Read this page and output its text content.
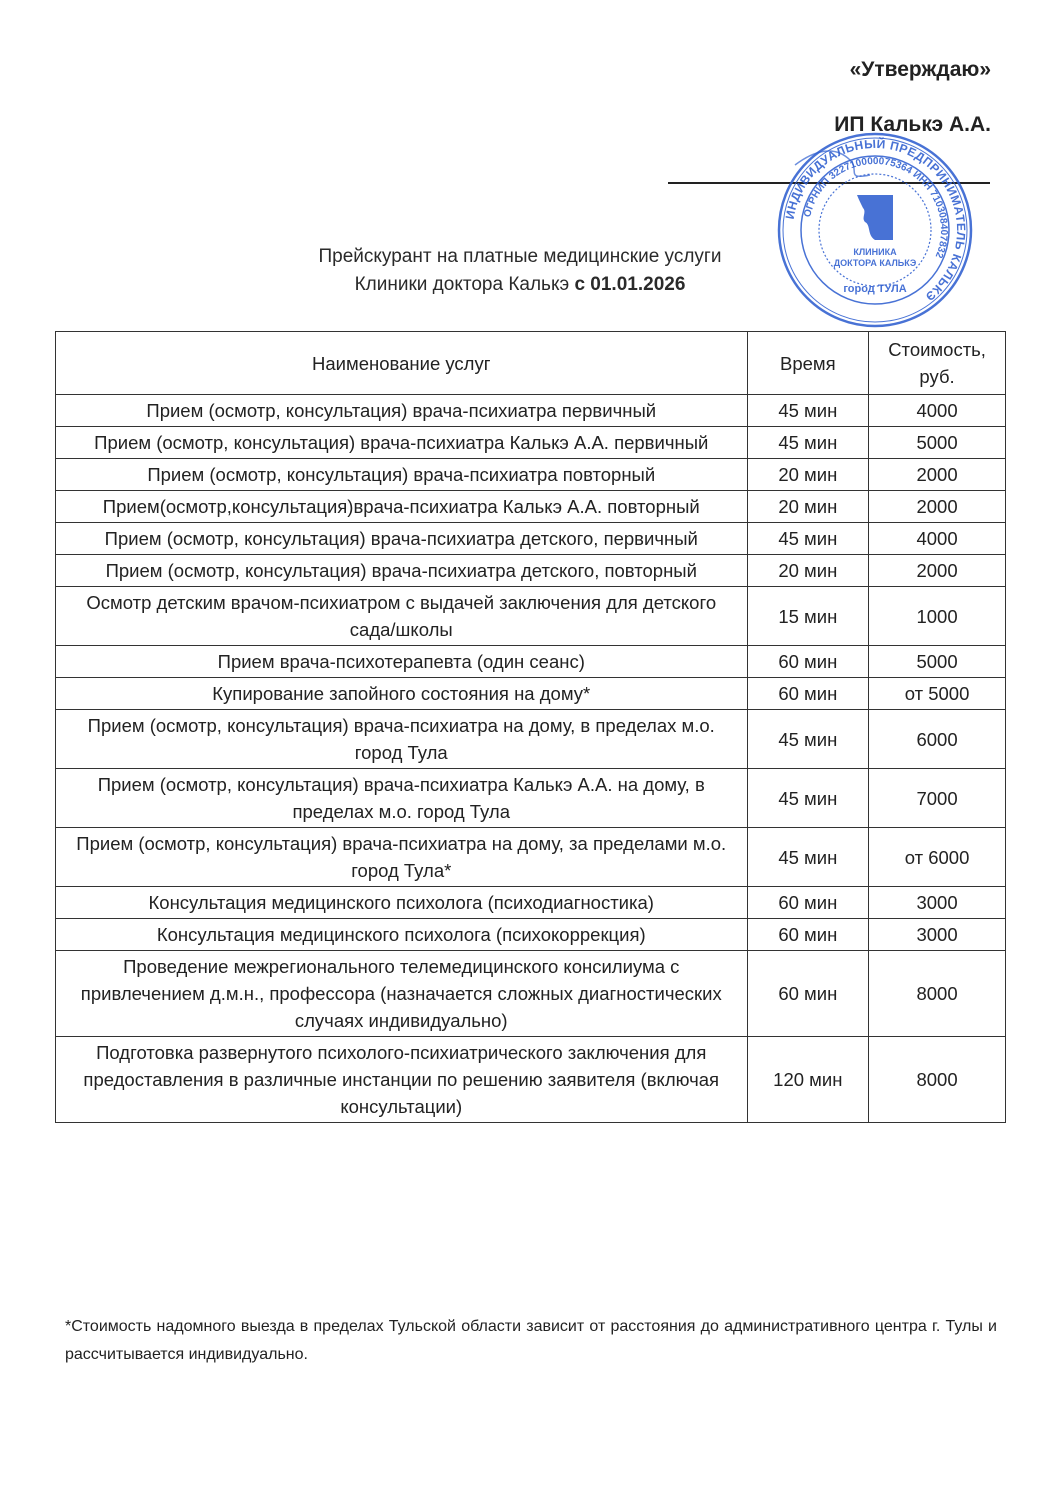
«Утверждаю»
ИП Калькэ А.А.
ИНДИВИДУАЛЬНЫЙ ПРЕДПРИНИМАТЕЛЬ КАЛЬКЭ
ОГРНИП 322710000075364 ИНН 710308407832
КЛИНИКА
ДОКТОРА КАЛЬКЭ
город ТУЛА
Прейскурант на платные медицинские услуги
Клиники доктора Калькэ с 01.01.2026
Наименование услуг	Время	Стоимость, руб.
Прием (осмотр, консультация) врача-психиатра первичный	45 мин	4000
Прием (осмотр, консультация) врача-психиатра Калькэ А.А. первичный	45 мин	5000
Прием (осмотр, консультация) врача-психиатра повторный	20 мин	2000
Прием(осмотр,консультация)врача-психиатра Калькэ А.А. повторный	20 мин	2000
Прием (осмотр, консультация) врача-психиатра детского, первичный	45 мин	4000
Прием (осмотр, консультация) врача-психиатра детского, повторный	20 мин	2000
Осмотр детским врачом-психиатром с выдачей заключения для детского сада/школы	15 мин	1000
Прием врача-психотерапевта (один сеанс)	60 мин	5000
Купирование запойного состояния на дому*	60 мин	от 5000
Прием (осмотр, консультация) врача-психиатра на дому, в пределах м.о. город Тула	45 мин	6000
Прием (осмотр, консультация) врача-психиатра Калькэ А.А. на дому, в пределах м.о. город Тула	45 мин	7000
Прием (осмотр, консультация) врача-психиатра на дому, за пределами м.о. город Тула*	45 мин	от 6000
Консультация медицинского психолога (психодиагностика)	60 мин	3000
Консультация медицинского психолога (психокоррекция)	60 мин	3000
Проведение межрегионального телемедицинского консилиума с привлечением д.м.н., профессора (назначается сложных диагностических случаях индивидуально)	60 мин	8000
Подготовка развернутого психолого-психиатрического заключения для предоставления в различные инстанции по решению заявителя (включая консультации)	120 мин	8000
*Стоимость надомного выезда в пределах Тульской области зависит от расстояния до административного центра г. Тулы и рассчитывается индивидуально.
